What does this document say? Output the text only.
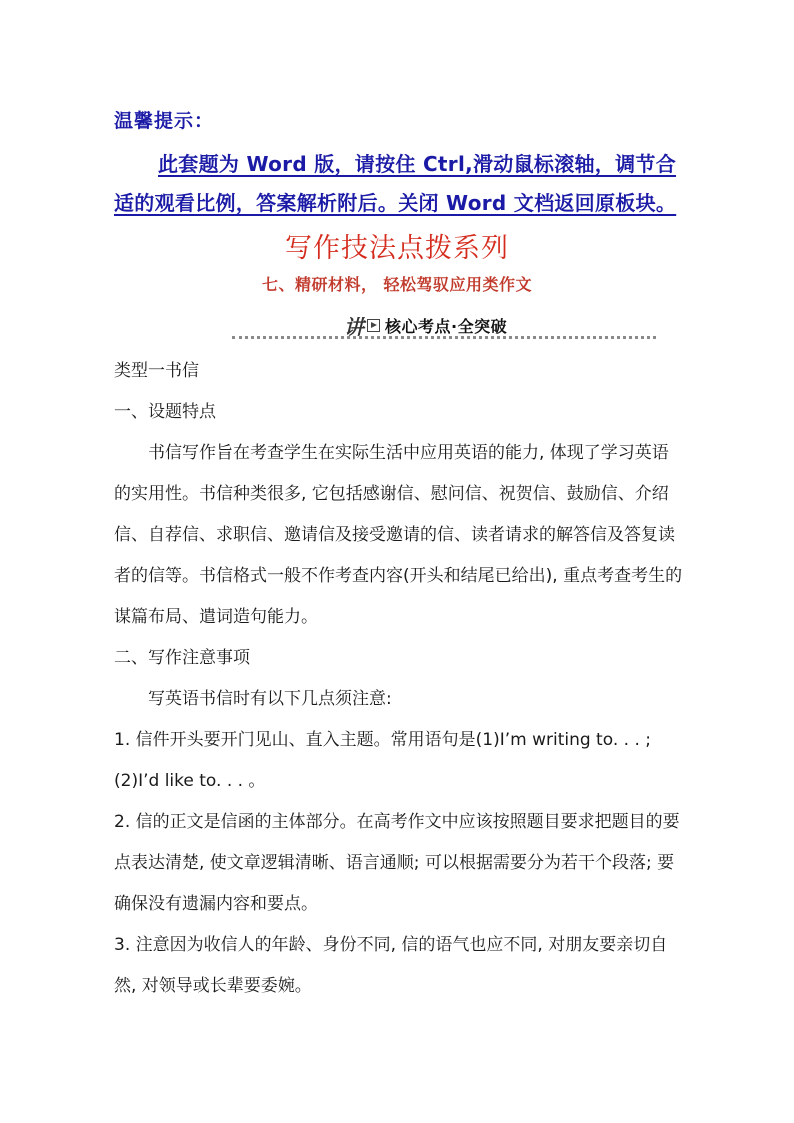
温馨提示：
此套题为 Word 版，请按住 Ctrl,滑动鼠标滚轴，调节合适的观看比例，答案解析附后。关闭 Word 文档返回原板块。
写作技法点拨系列
七、精研材料， 轻松驾驭应用类作文
讲 核心考点·全突破
类型一书信
一、设题特点
书信写作旨在考查学生在实际生活中应用英语的能力, 体现了学习英语的实用性。书信种类很多, 它包括感谢信、慰问信、祝贺信、鼓励信、介绍信、自荐信、求职信、邀请信及接受邀请的信、读者请求的解答信及答复读者的信等。书信格式一般不作考查内容(开头和结尾已给出), 重点考查考生的谋篇布局、遣词造句能力。
二、写作注意事项
写英语书信时有以下几点须注意:
1. 信件开头要开门见山、直入主题。常用语句是(1)I’m writing to. . . ; (2)I’d like to. . . 。
2. 信的正文是信函的主体部分。在高考作文中应该按照题目要求把题目的要点表达清楚, 使文章逻辑清晰、语言通顺; 可以根据需要分为若干个段落; 要确保没有遗漏内容和要点。
3. 注意因为收信人的年龄、身份不同, 信的语气也应不同, 对朋友要亲切自然, 对领导或长辈要委婉。
